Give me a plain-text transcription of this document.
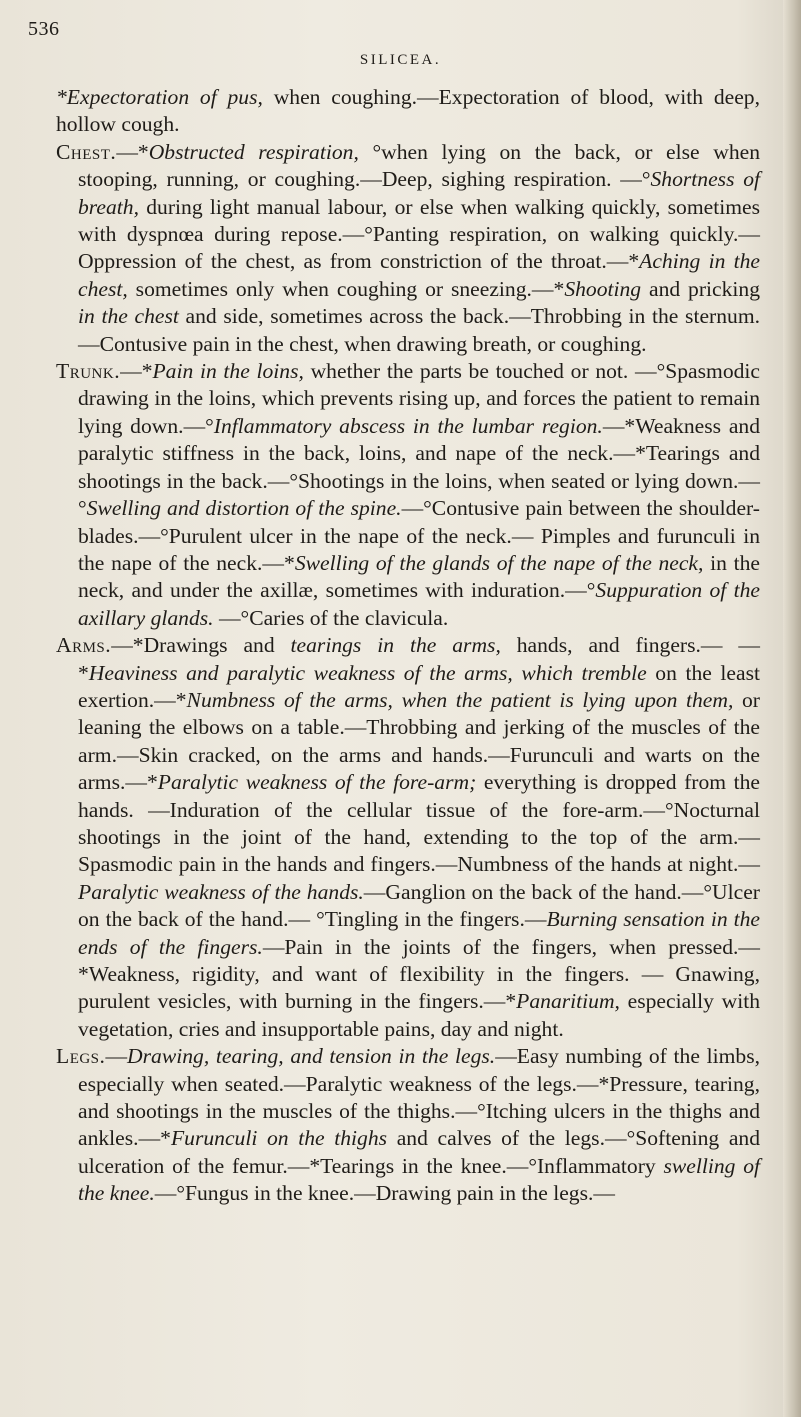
536
SILICEA.

*Expectoration of pus, when coughing.—Expectoration of blood, with deep, hollow cough.

Chest.—*Obstructed respiration, °when lying on the back, or else when stooping, running, or coughing.—Deep, sighing respiration. —°Shortness of breath, during light manual labour, or else when walking quickly, sometimes with dyspnœa during repose.—°Panting respiration, on walking quickly.—Oppression of the chest, as from constriction of the throat.—*Aching in the chest, sometimes only when coughing or sneezing.—*Shooting and pricking in the chest and side, sometimes across the back.—Throbbing in the sternum.—Contusive pain in the chest, when drawing breath, or coughing.

Trunk.—*Pain in the loins, whether the parts be touched or not. —°Spasmodic drawing in the loins, which prevents rising up, and forces the patient to remain lying down.—°Inflammatory abscess in the lumbar region.—*Weakness and paralytic stiffness in the back, loins, and nape of the neck.—*Tearings and shootings in the back.—°Shootings in the loins, when seated or lying down.— °Swelling and distortion of the spine.—°Contusive pain between the shoulder-blades.—°Purulent ulcer in the nape of the neck.— Pimples and furunculi in the nape of the neck.—*Swelling of the glands of the nape of the neck, in the neck, and under the axillæ, sometimes with induration.—°Suppuration of the axillary glands. —°Caries of the clavicula.

Arms.—*Drawings and tearings in the arms, hands, and fingers.— —*Heaviness and paralytic weakness of the arms, which tremble on the least exertion.—*Numbness of the arms, when the patient is lying upon them, or leaning the elbows on a table.—Throbbing and jerking of the muscles of the arm.—Skin cracked, on the arms and hands.—Furunculi and warts on the arms.—*Paralytic weakness of the fore-arm; everything is dropped from the hands. —Induration of the cellular tissue of the fore-arm.—°Nocturnal shootings in the joint of the hand, extending to the top of the arm.—Spasmodic pain in the hands and fingers.—Numbness of the hands at night.—Paralytic weakness of the hands.—Ganglion on the back of the hand.—°Ulcer on the back of the hand.— °Tingling in the fingers.—Burning sensation in the ends of the fingers.—Pain in the joints of the fingers, when pressed.—*Weakness, rigidity, and want of flexibility in the fingers. — Gnawing, purulent vesicles, with burning in the fingers.—*Panaritium, especially with vegetation, cries and insupportable pains, day and night.

Legs.—Drawing, tearing, and tension in the legs.—Easy numbing of the limbs, especially when seated.—Paralytic weakness of the legs.—*Pressure, tearing, and shootings in the muscles of the thighs.—°Itching ulcers in the thighs and ankles.—*Furunculi on the thighs and calves of the legs.—°Softening and ulceration of the femur.—*Tearings in the knee.—°Inflammatory swelling of the knee.—°Fungus in the knee.—Drawing pain in the legs.—
